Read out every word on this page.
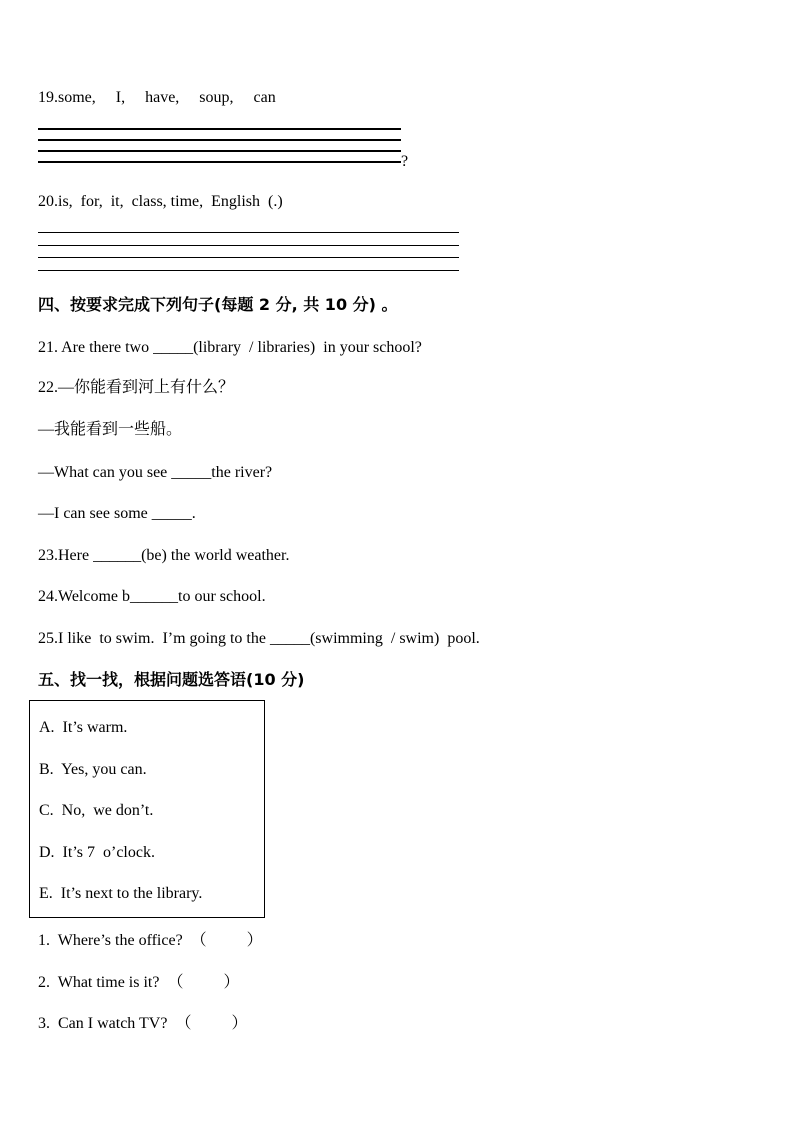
19.some,     I,     have,     soup,     can
?
20.is,  for,  it,  class, time,  English  (.)
四、按要求完成下列句子(每题 2 分, 共 10 分) 。
21. Are there two _____(library  / libraries)  in your school?
22.—你能看到河上有什么？
—我能看到一些船。
—What can you see _____the river?
—I can see some _____.
23.Here ______(be) the world weather.
24.Welcome b______to our school.
25.I like  to swim.  I’m going to the _____(swimming  / swim)  pool.
五、找一找，根据问题选答语(10 分)
A.  It’s warm.
B.  Yes, you can.
C.  No,  we don’t.
D.  It’s 7  o’clock.
E.  It’s next to the library.
1.  Where’s the office?  （          ）
2.  What time is it?  （          ）
3.  Can I watch TV?  （          ）
